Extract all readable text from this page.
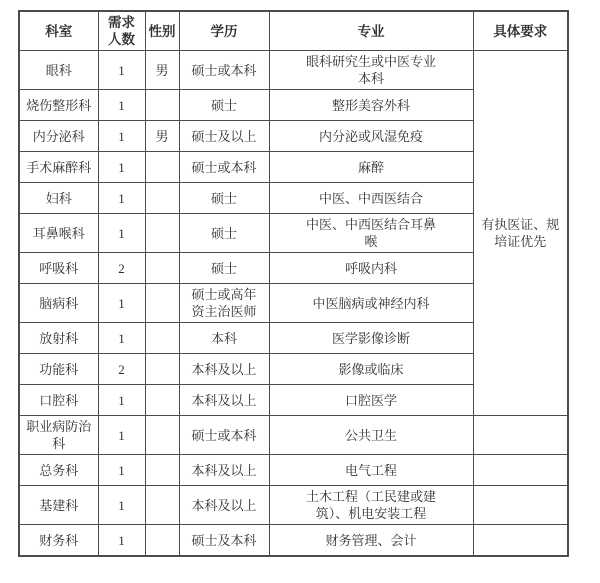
科室	需求人数	性别	学历	专业	具体要求
眼科	1	男	硕士或本科	眼科研究生或中医专业本科	有执医证、规培证优先
烧伤整形科	1		硕士	整形美容外科	
内分泌科	1	男	硕士及以上	内分泌或风湿免疫	
手术麻醉科	1		硕士或本科	麻醉	
妇科	1		硕士	中医、中西医结合	
耳鼻喉科	1		硕士	中医、中西医结合耳鼻喉	
呼吸科	2		硕士	呼吸内科	
脑病科	1		硕士或高年资主治医师	中医脑病或神经内科	
放射科	1		本科	医学影像诊断	
功能科	2		本科及以上	影像或临床	
口腔科	1		本科及以上	口腔医学	
职业病防治科	1		硕士或本科	公共卫生	
总务科	1		本科及以上	电气工程	
基建科	1		本科及以上	土木工程（工民建或建筑）、机电安装工程	
财务科	1		硕士及本科	财务管理、会计	
